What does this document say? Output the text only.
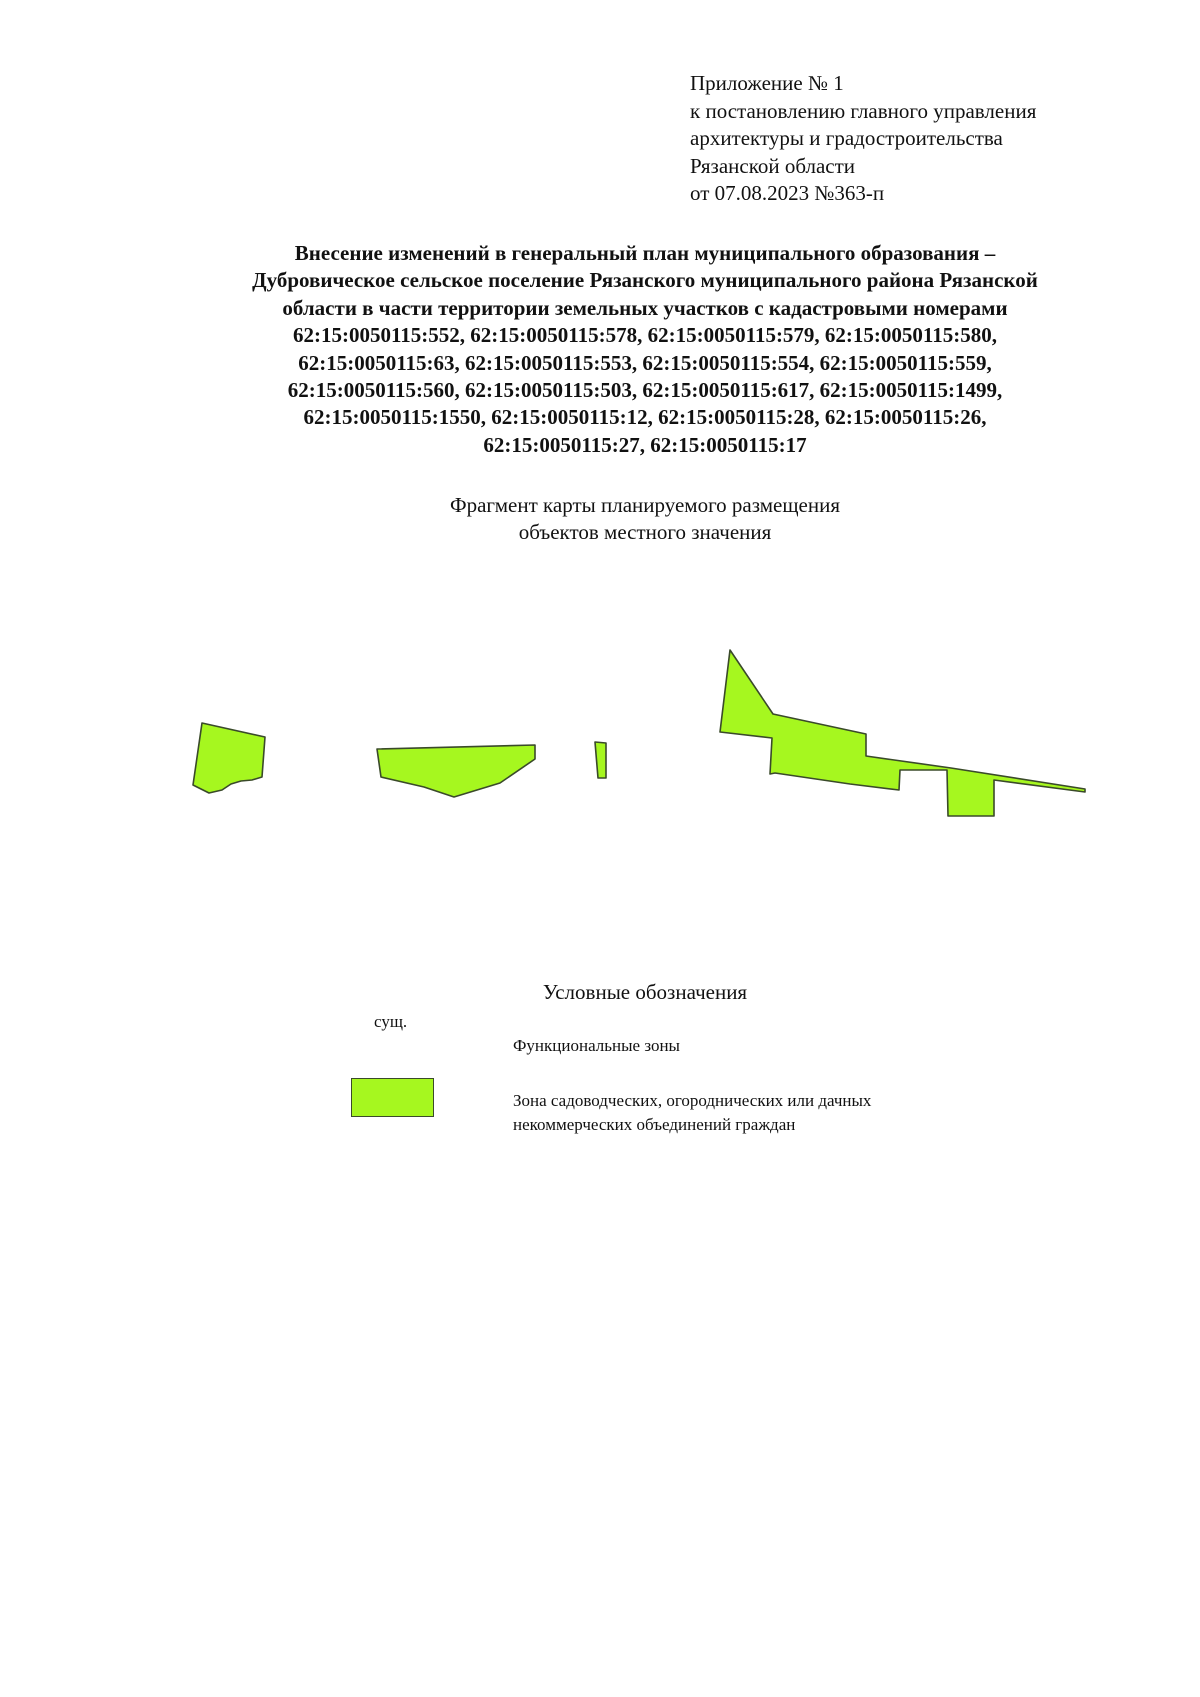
Приложение № 1
к постановлению главного управления
архитектуры и градостроительства
Рязанской области
от 07.08.2023 №363-п
Внесение изменений в генеральный план муниципального образования –
Дубровическое сельское поселение Рязанского муниципального района Рязанской
области в части территории земельных участков с кадастровыми номерами
62:15:0050115:552, 62:15:0050115:578, 62:15:0050115:579, 62:15:0050115:580,
62:15:0050115:63, 62:15:0050115:553, 62:15:0050115:554, 62:15:0050115:559,
62:15:0050115:560, 62:15:0050115:503, 62:15:0050115:617, 62:15:0050115:1499,
62:15:0050115:1550, 62:15:0050115:12, 62:15:0050115:28, 62:15:0050115:26,
62:15:0050115:27, 62:15:0050115:17
Фрагмент карты планируемого размещения
объектов местного значения
Условные обозначения
сущ.
Функциональные зоны
Зона садоводческих, огороднических или дачных
некоммерческих объединений граждан
